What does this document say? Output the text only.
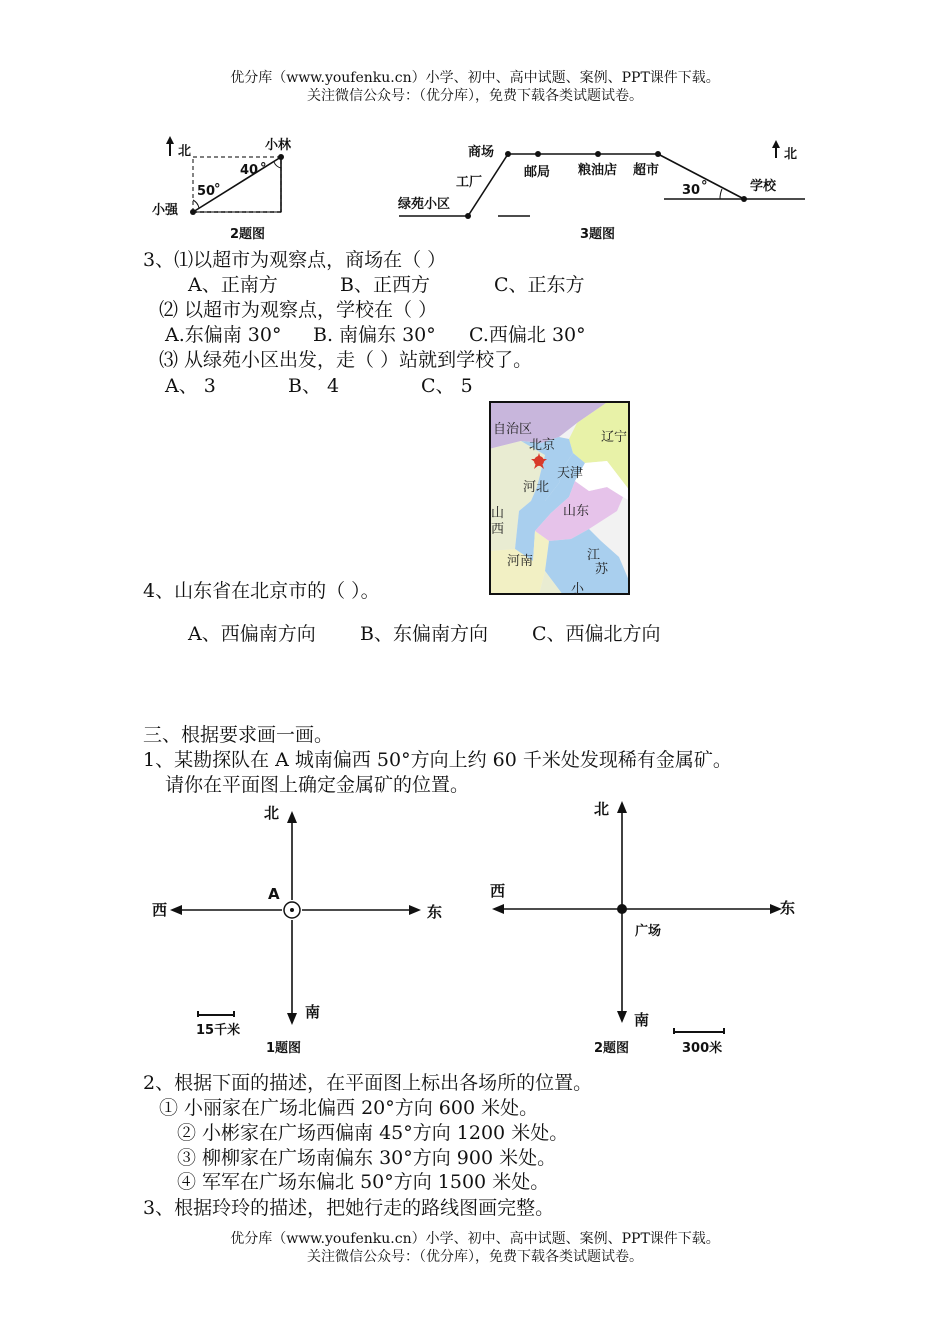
优分库（www.youfenku.cn）小学、初中、高中试题、案例、PPT课件下载。
关注微信公众号：（优分库），免费下载各类试题试卷。
北	小林
小强
40 °
50
°
2题图
30 °
商场
工厂
邮局 粮油店 超市
学校
绿苑小区
北
3题图
3、⑴以超市为观察点，商场在（ ）
A、正南方	B、正西方	C、正东方
⑵ 以超市为观察点，学校在（ ）
A.东偏南 30° B. 南偏东 30° C.西偏北 30°
⑶ 从绿苑小区出发，走（ ）站就到学校了。
A、 3	B、 4	C、 5
自治区
北京
辽宁
天津
河北
山东
山
西
河南	江
苏
小
4、山东省在北京市的（ ）。
A、西偏南方向 B、东偏南方向 C、西偏北方向
三、根据要求画一画。
1、某勘探队在 A 城南偏西 50°方向上约 60 千米处发现稀有金属矿。
请你在平面图上确定金属矿的位置。
北
南
西	东
A
15千米
1题图
北
南
西
东
广场
300米
2题图
2、根据下面的描述，在平面图上标出各场所的位置。
① 小丽家在广场北偏西 20°方向 600 米处。
② 小彬家在广场西偏南 45°方向 1200 米处。
③ 柳柳家在广场南偏东 30°方向 900 米处。
④ 军军在广场东偏北 50°方向 1500 米处。
3、根据玲玲的描述，把她行走的路线图画完整。
优分库（www.youfenku.cn）小学、初中、高中试题、案例、PPT课件下载。
关注微信公众号：（优分库），免费下载各类试题试卷。
